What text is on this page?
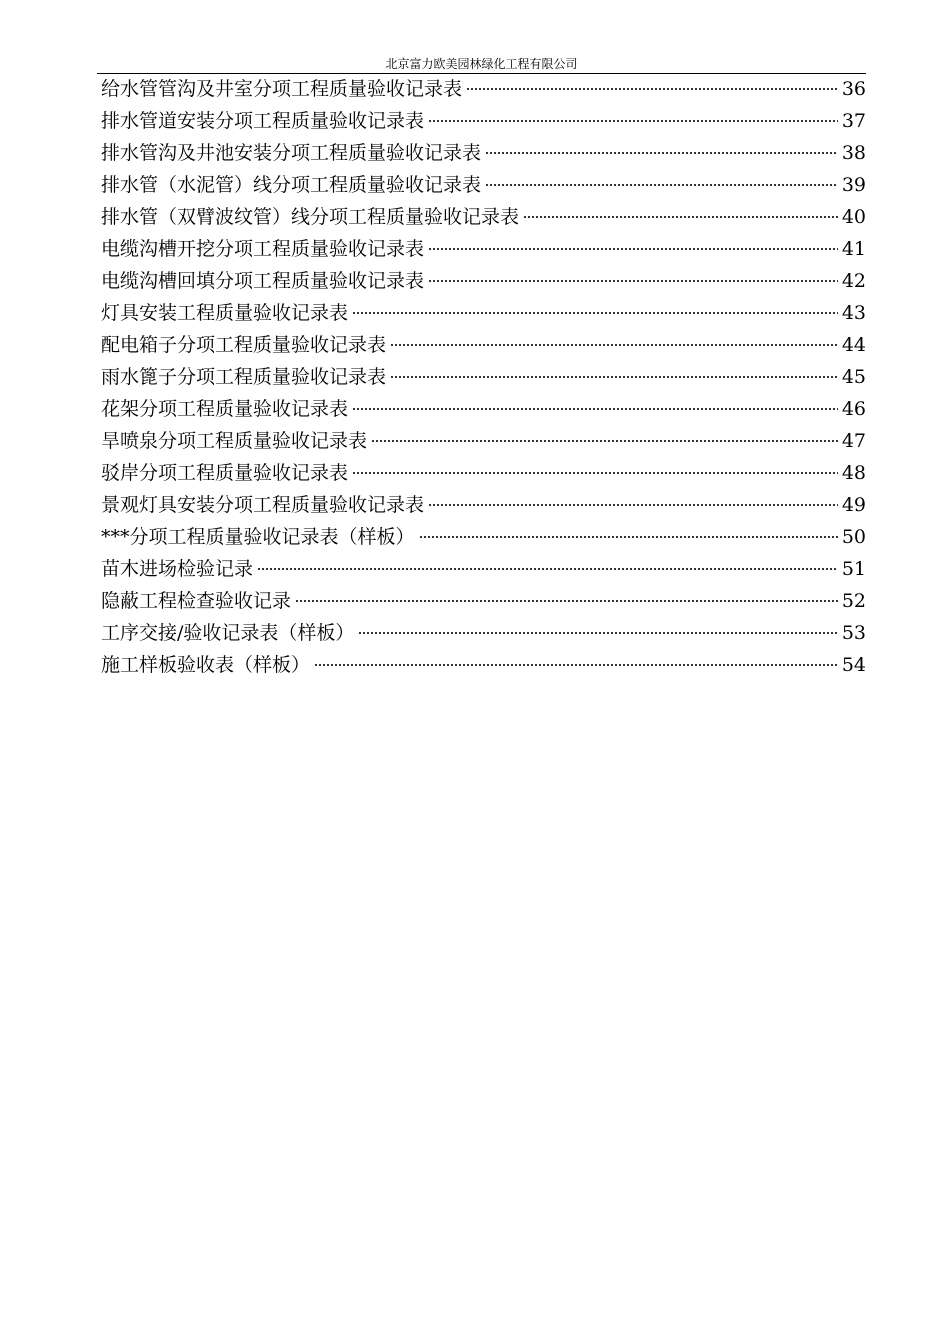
北京富力欧美园林绿化工程有限公司
给水管管沟及井室分项工程质量验收记录表	36
排水管道安装分项工程质量验收记录表	37
排水管沟及井池安装分项工程质量验收记录表	38
排水管（水泥管）线分项工程质量验收记录表	39
排水管（双臂波纹管）线分项工程质量验收记录表	40
电缆沟槽开挖分项工程质量验收记录表	41
电缆沟槽回填分项工程质量验收记录表	42
灯具安装工程质量验收记录表	43
配电箱子分项工程质量验收记录表	44
雨水篦子分项工程质量验收记录表	45
花架分项工程质量验收记录表	46
旱喷泉分项工程质量验收记录表	47
驳岸分项工程质量验收记录表	48
景观灯具安装分项工程质量验收记录表	49
***分项工程质量验收记录表（样板）	50
苗木进场检验记录	51
隐蔽工程检查验收记录	52
工序交接/验收记录表（样板）	53
施工样板验收表（样板）	54
